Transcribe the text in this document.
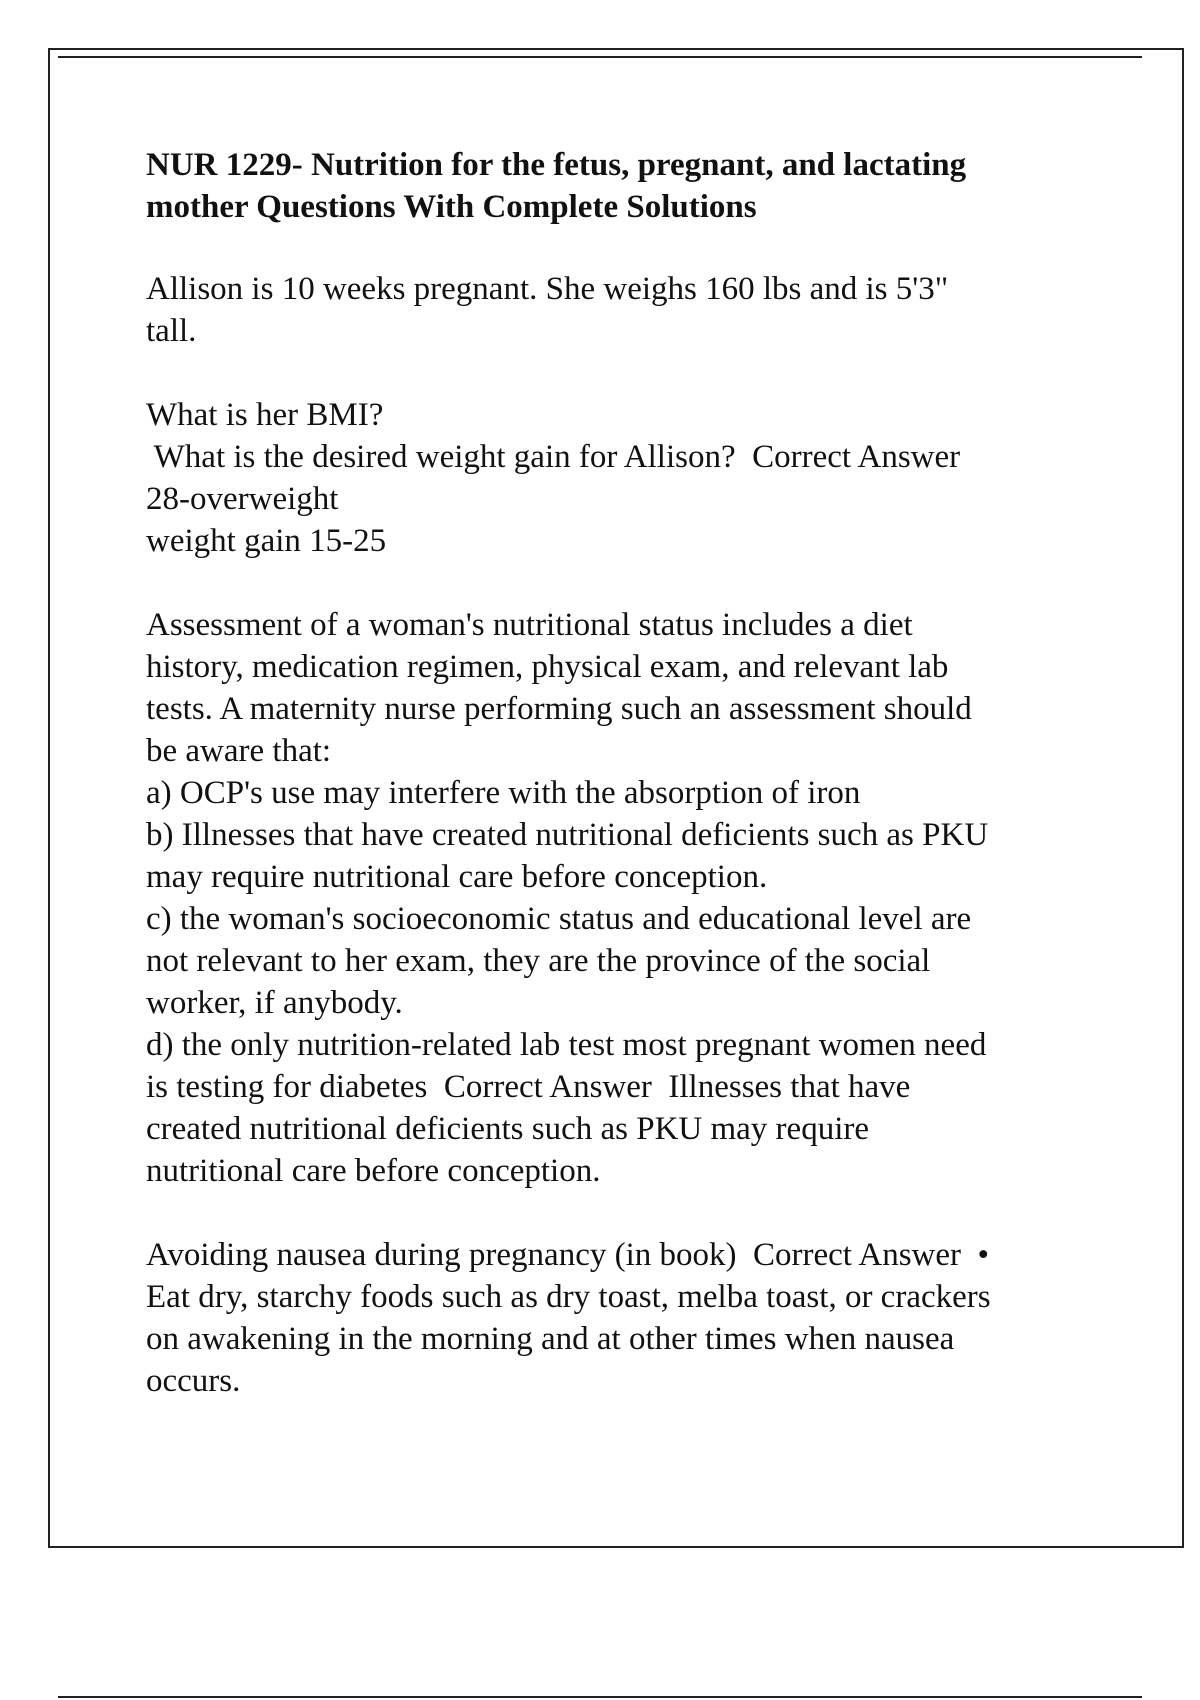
NUR 1229- Nutrition for the fetus, pregnant, and lactating
mother Questions With Complete Solutions
Allison is 10 weeks pregnant. She weighs 160 lbs and is 5'3"
tall.
What is her BMI?
What is the desired weight gain for Allison?  Correct Answer
28-overweight
weight gain 15-25
Assessment of a woman's nutritional status includes a diet
history, medication regimen, physical exam, and relevant lab
tests. A maternity nurse performing such an assessment should
be aware that:
a) OCP's use may interfere with the absorption of iron
b) Illnesses that have created nutritional deficients such as PKU
may require nutritional care before conception.
c) the woman's socioeconomic status and educational level are
not relevant to her exam, they are the province of the social
worker, if anybody.
d) the only nutrition-related lab test most pregnant women need
is testing for diabetes  Correct Answer  Illnesses that have
created nutritional deficients such as PKU may require
nutritional care before conception.
Avoiding nausea during pregnancy (in book)  Correct Answer  •
Eat dry, starchy foods such as dry toast, melba toast, or crackers
on awakening in the morning and at other times when nausea
occurs.
